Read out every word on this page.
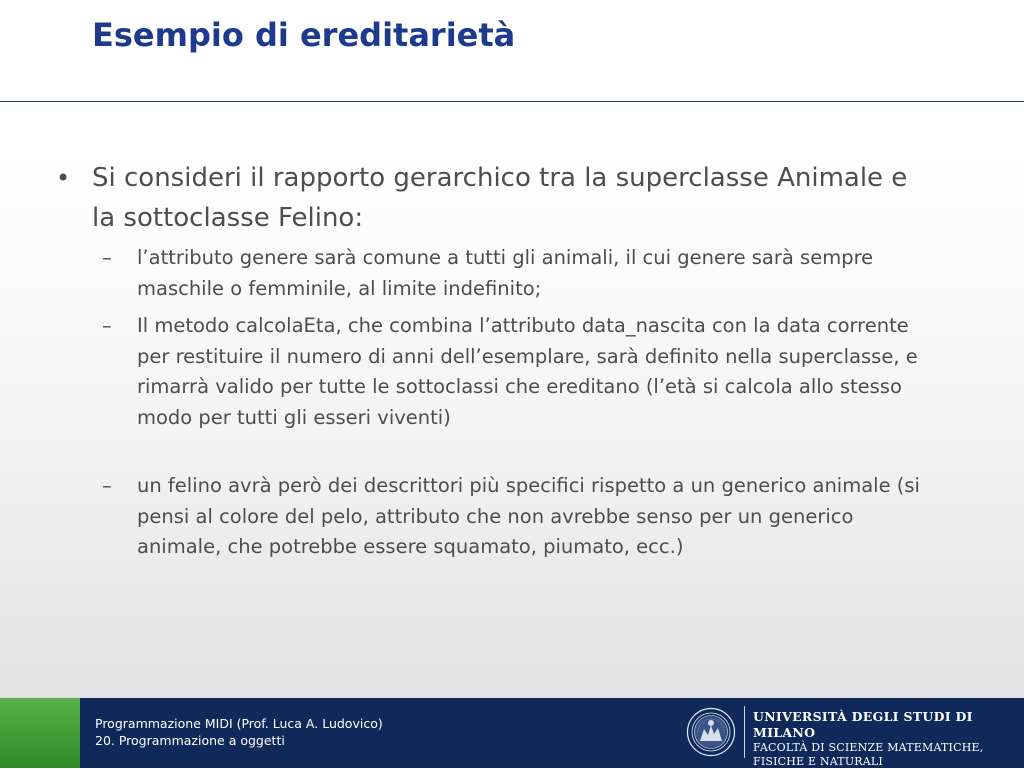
Esempio di ereditarietà
• Si consideri il rapporto gerarchico tra la superclasse Animale e la sottoclasse Felino:
– l’attributo genere sarà comune a tutti gli animali, il cui genere sarà sempre maschile o femminile, al limite indefinito;
– Il metodo calcolaEta, che combina l’attributo data_nascita con la data corrente per restituire il numero di anni dell’esemplare, sarà definito nella superclasse, e rimarrà valido per tutte le sottoclassi che ereditano (l’età si calcola allo stesso modo per tutti gli esseri viventi)
– un felino avrà però dei descrittori più specifici rispetto a un generico animale (si pensi al colore del pelo, attributo che non avrebbe senso per un generico animale, che potrebbe essere squamato, piumato, ecc.)
Programmazione MIDI (Prof. Luca A. Ludovico)
20. Programmazione a oggetti
UNIVERSITÀ DEGLI STUDI DI MILANO
FACOLTÀ DI SCIENZE MATEMATICHE,
FISICHE E NATURALI
